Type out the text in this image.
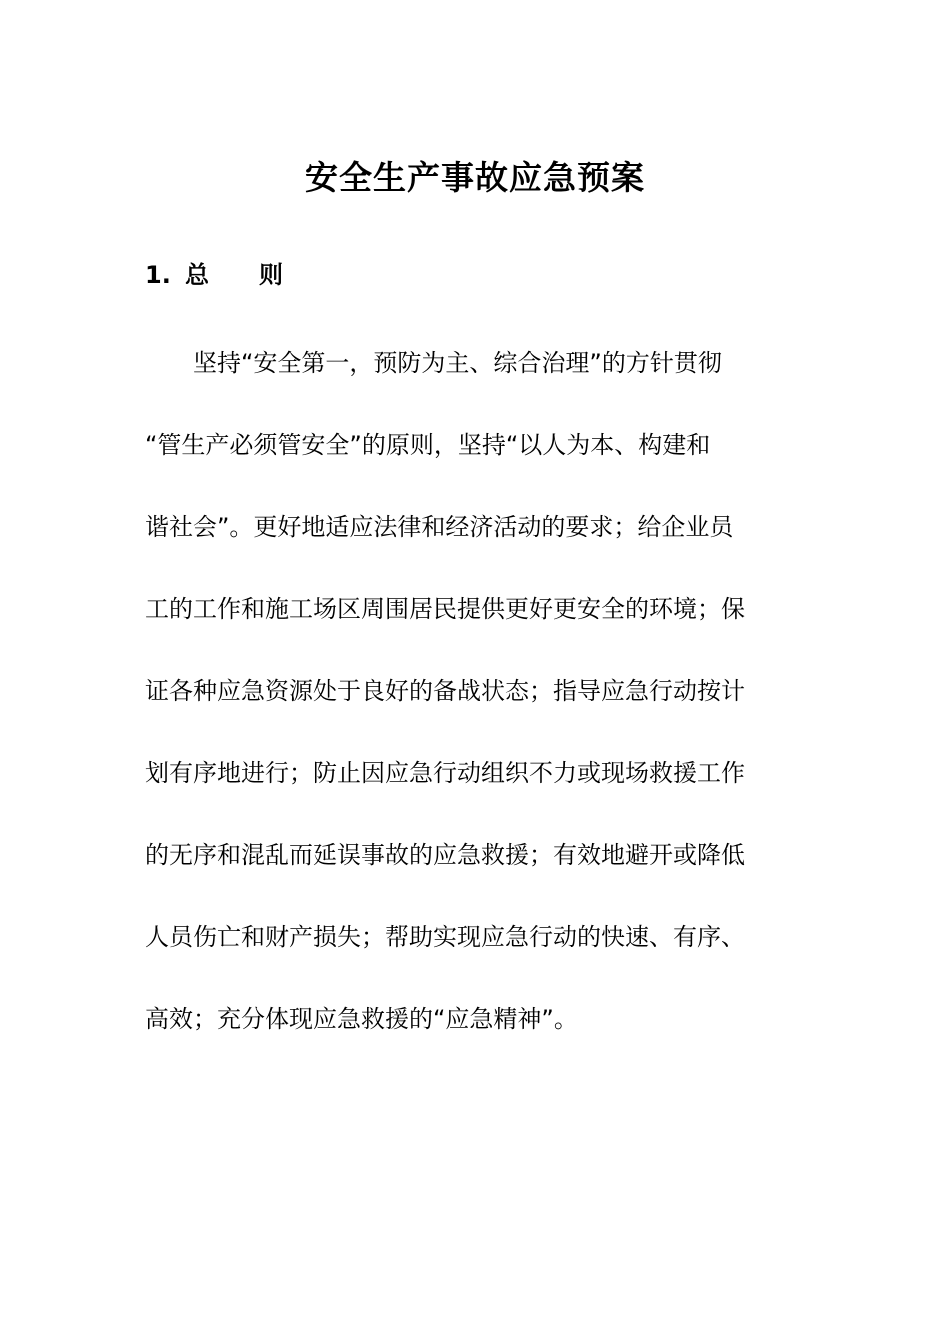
安全生产事故应急预案
1. 总则
坚持“安全第一，预防为主、综合治理”的方针贯彻
“管生产必须管安全”的原则，坚持“以人为本、构建和
谐社会”。更好地适应法律和经济活动的要求；给企业员
工的工作和施工场区周围居民提供更好更安全的环境；保
证各种应急资源处于良好的备战状态；指导应急行动按计
划有序地进行；防止因应急行动组织不力或现场救援工作
的无序和混乱而延误事故的应急救援；有效地避开或降低
人员伤亡和财产损失；帮助实现应急行动的快速、有序、
高效；充分体现应急救援的“应急精神”。
